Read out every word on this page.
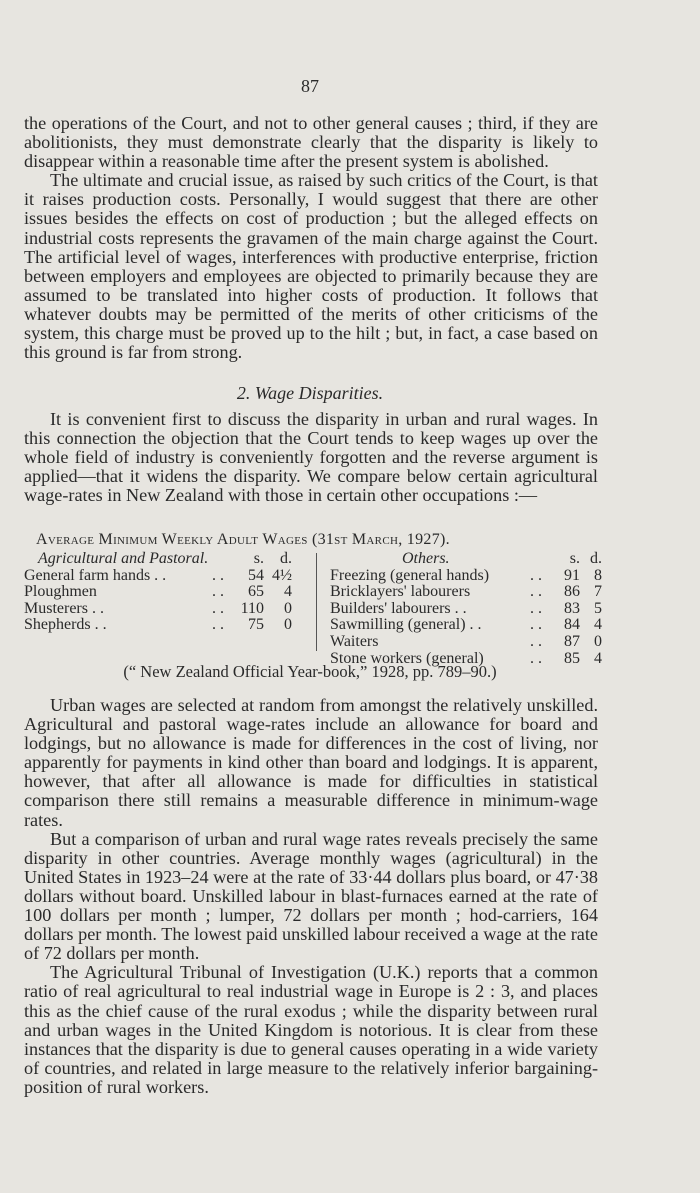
87

the operations of the Court, and not to other general causes ; third, if they are abolitionists, they must demonstrate clearly that the disparity is likely to disappear within a reasonable time after the present system is abolished.

The ultimate and crucial issue, as raised by such critics of the Court, is that it raises production costs. Personally, I would suggest that there are other issues besides the effects on cost of production ; but the alleged effects on industrial costs represents the gravamen of the main charge against the Court. The artificial level of wages, interferences with productive enterprise, friction between employers and employees are objected to primarily because they are assumed to be translated into higher costs of production. It follows that whatever doubts may be permitted of the merits of other criticisms of the system, this charge must be proved up to the hilt ; but, in fact, a case based on this ground is far from strong.

2. Wage Disparities.

It is convenient first to discuss the disparity in urban and rural wages. In this connection the objection that the Court tends to keep wages up over the whole field of industry is conveniently forgotten and the reverse argument is applied—that it widens the disparity. We compare below certain agricultural wage-rates in New Zealand with those in certain other occupations :—

Average Minimum Weekly Adult Wages (31st March, 1927).
Agricultural and Pastoral.	s.	d.
General farm hands . .	. .	54 4½
Ploughmen	. .	65	4
Musterers . .	. .	110	0
Shepherds . .	. .	75	0
Others.	s. d.
Freezing (general hands)	. .	91 8
Bricklayers' labourers	. .	86 7
Builders' labourers . .	. .	83 5
Sawmilling (general) . .	. .	84 4
Waiters	. .	87 0
Stone workers (general)	. .	85 4
(“ New Zealand Official Year-book,” 1928, pp. 789–90.)

Urban wages are selected at random from amongst the relatively unskilled. Agricultural and pastoral wage-rates include an allowance for board and lodgings, but no allowance is made for differences in the cost of living, nor apparently for payments in kind other than board and lodgings. It is apparent, however, that after all allowance is made for difficulties in statistical comparison there still remains a measurable difference in minimum-wage rates.

But a comparison of urban and rural wage rates reveals precisely the same disparity in other countries. Average monthly wages (agricultural) in the United States in 1923–24 were at the rate of 33·44 dollars plus board, or 47·38 dollars without board. Unskilled labour in blast-furnaces earned at the rate of 100 dollars per month ; lumper, 72 dollars per month ; hod-carriers, 164 dollars per month. The lowest paid unskilled labour received a wage at the rate of 72 dollars per month.

The Agricultural Tribunal of Investigation (U.K.) reports that a common ratio of real agricultural to real industrial wage in Europe is 2 : 3, and places this as the chief cause of the rural exodus ; while the disparity between rural and urban wages in the United Kingdom is notorious. It is clear from these instances that the disparity is due to general causes operating in a wide variety of countries, and related in large measure to the relatively inferior bargaining-position of rural workers.
